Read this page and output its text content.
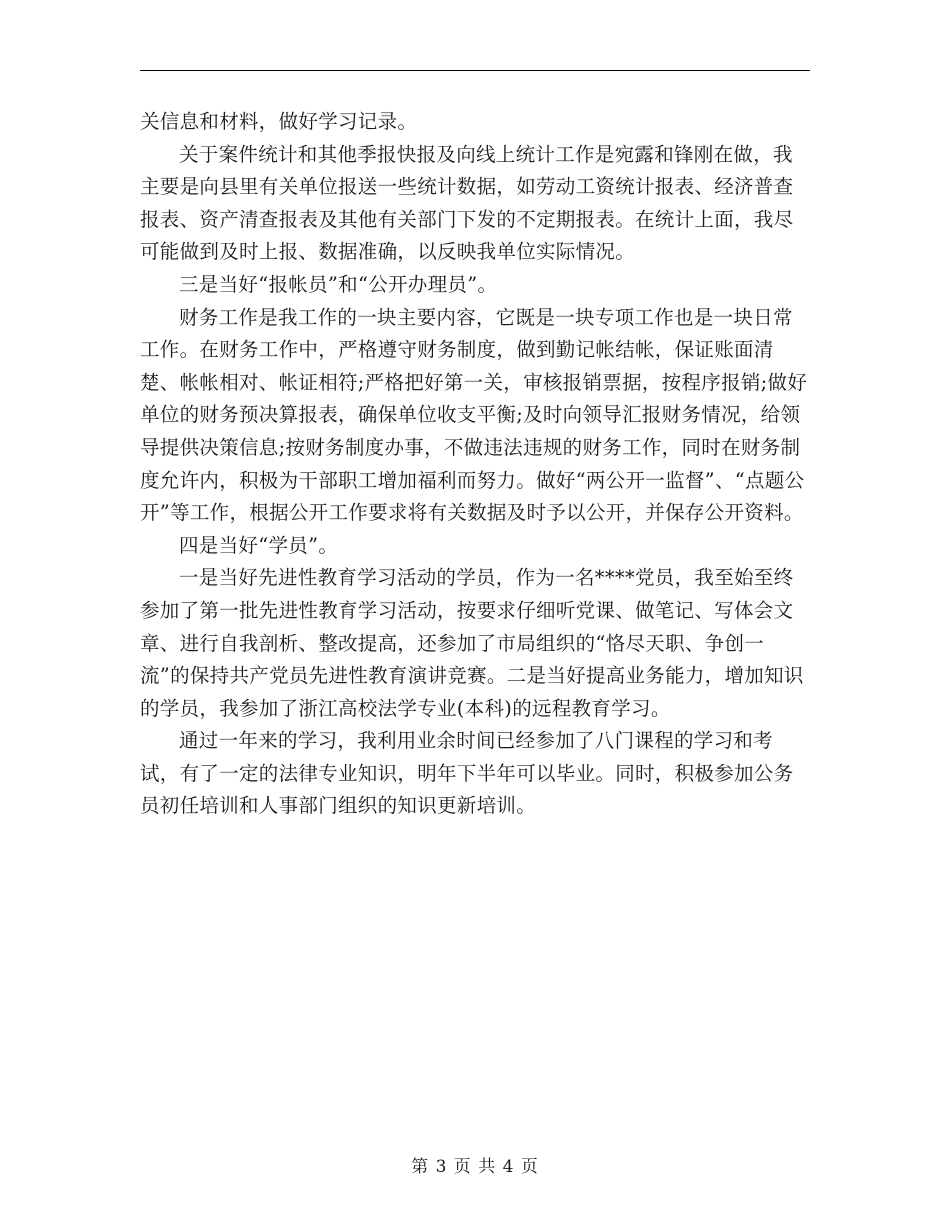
关信息和材料，做好学习记录。

关于案件统计和其他季报快报及向线上统计工作是宛露和锋刚在做，我主要是向县里有关单位报送一些统计数据，如劳动工资统计报表、经济普查报表、资产清查报表及其他有关部门下发的不定期报表。在统计上面，我尽可能做到及时上报、数据准确，以反映我单位实际情况。

三是当好“报帐员”和“公开办理员”。

财务工作是我工作的一块主要内容，它既是一块专项工作也是一块日常工作。在财务工作中，严格遵守财务制度，做到勤记帐结帐，保证账面清楚、帐帐相对、帐证相符;严格把好第一关，审核报销票据，按程序报销;做好单位的财务预决算报表，确保单位收支平衡;及时向领导汇报财务情况，给领导提供决策信息;按财务制度办事，不做违法违规的财务工作，同时在财务制度允许内，积极为干部职工增加福利而努力。做好“两公开一监督”、“点题公开”等工作，根据公开工作要求将有关数据及时予以公开，并保存公开资料。

四是当好“学员”。

一是当好先进性教育学习活动的学员，作为一名****党员，我至始至终参加了第一批先进性教育学习活动，按要求仔细听党课、做笔记、写体会文章、进行自我剖析、整改提高，还参加了市局组织的“恪尽天职、争创一流”的保持共产党员先进性教育演讲竞赛。二是当好提高业务能力，增加知识的学员，我参加了浙江高校法学专业(本科)的远程教育学习。

通过一年来的学习，我利用业余时间已经参加了八门课程的学习和考试，有了一定的法律专业知识，明年下半年可以毕业。同时，积极参加公务员初任培训和人事部门组织的知识更新培训。

第 3 页 共 4 页
